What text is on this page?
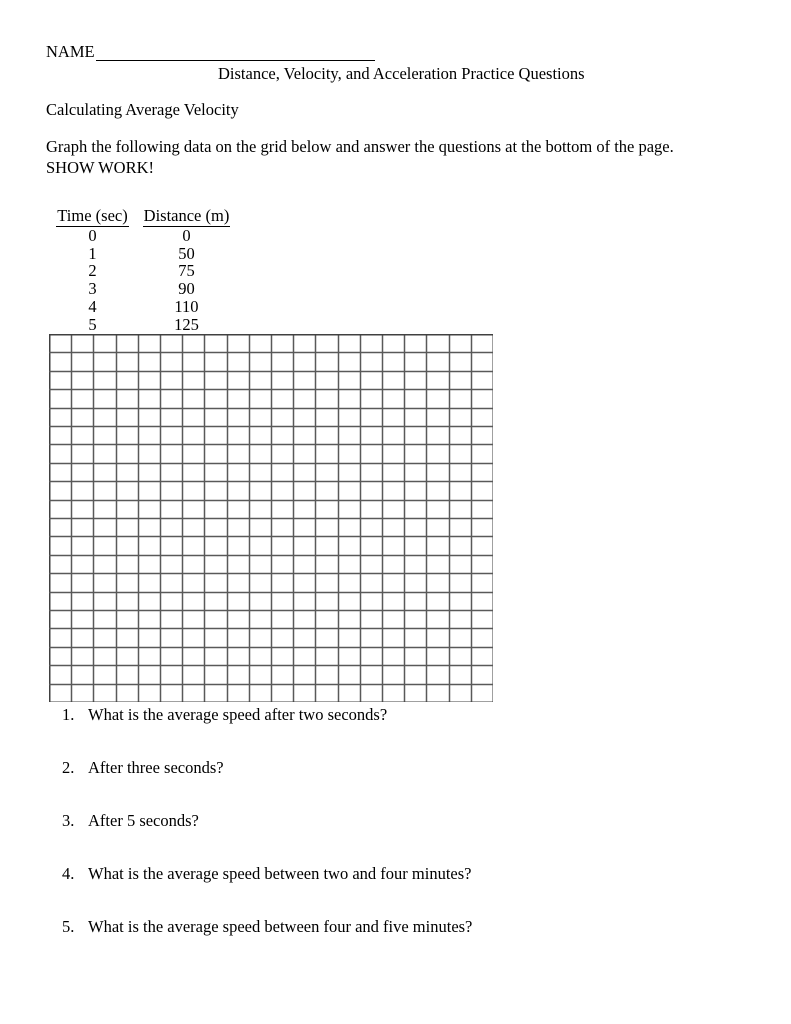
NAME
Distance, Velocity, and Acceleration Practice Questions
Calculating Average Velocity
Graph the following data on the grid below and answer the questions at the bottom of the page. SHOW WORK!
Time (sec)	Distance (m)
0	0
1	50
2	75
3	90
4	110
5	125
1. What is the average speed after two seconds?
2. After three seconds?
3. After 5 seconds?
4. What is the average speed between two and four minutes?
5. What is the average speed between four and five minutes?
